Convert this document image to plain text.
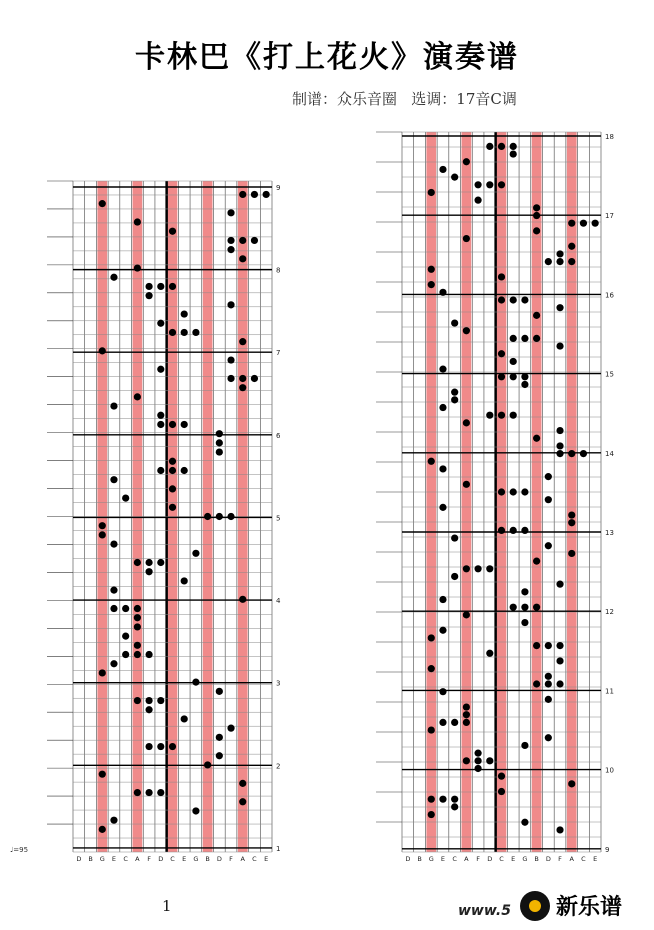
卡林巴《打上花火》演奏谱
制谱：众乐音圈   选调：17音C调
9
8
7
6
5
4
3
2
1
D B G E C A F D C E G B D F A C E
18
17
16
15
14
13
12
11
10
9
D B G E C A F D C E G B D F A C E
♩=95
1	www.5 新乐谱
